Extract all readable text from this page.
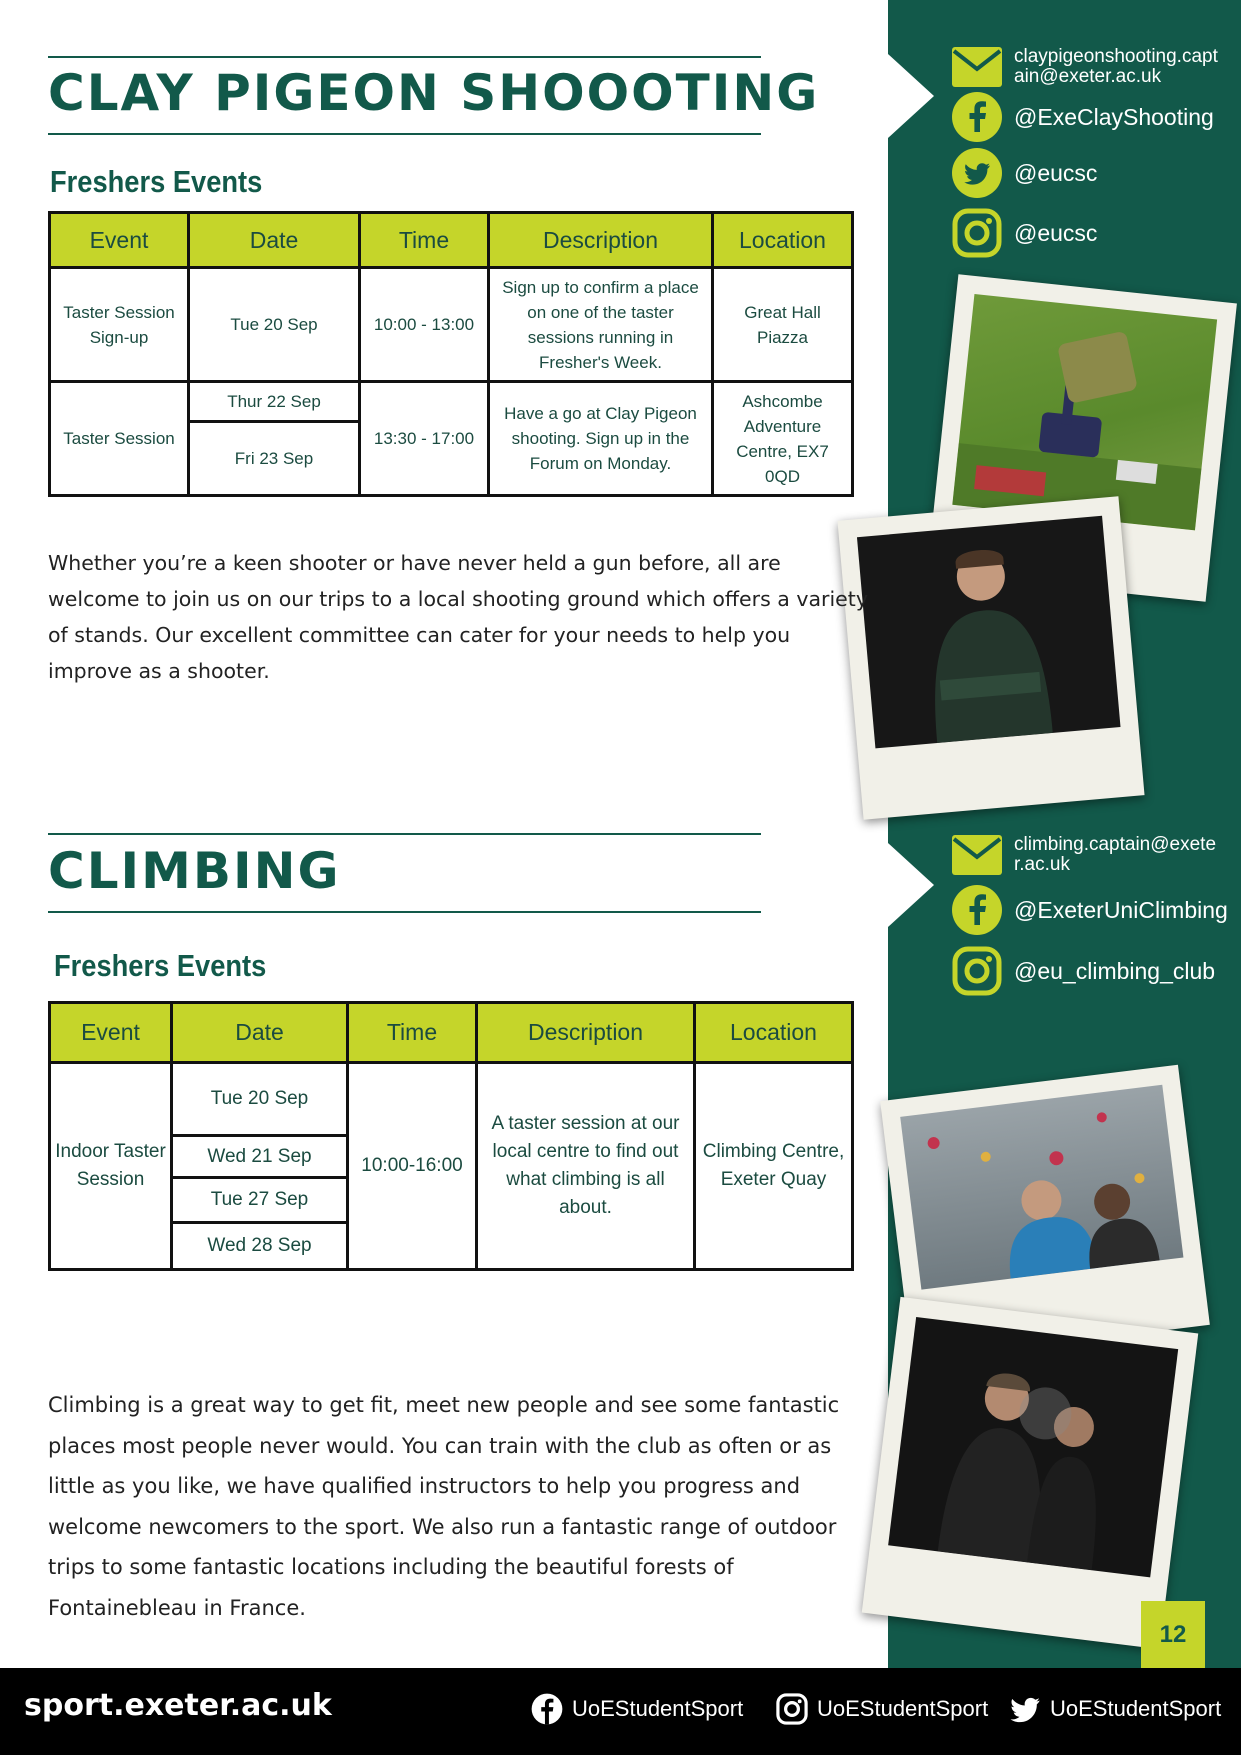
claypigeonshooting.captain@exeter.ac.uk
@ExeClayShooting
@eucsc
@eucsc
climbing.captain@exeter.ac.uk
@ExeterUniClimbing
@eu_climbing_club
CLAY PIGEON SHOOOTING
Freshers Events
Event	Date	Time	Description	Location
Taster Session Sign-up	Tue 20 Sep	10:00 - 13:00	Sign up to confirm a place on one of the taster sessions running in Fresher's Week.	Great Hall Piazza
Taster Session	Thur 22 Sep	13:30 - 17:00	Have a go at Clay Pigeon shooting. Sign up in the Forum on Monday.	Ashcombe Adventure Centre, EX7 0QD
	Fri 23 Sep			
Whether you’re a keen shooter or have never held a gun before, all are welcome to join us on our trips to a local shooting ground which offers a variety of stands. Our excellent committee can cater for your needs to help you improve as a shooter.
CLIMBING
Freshers Events
Event	Date	Time	Description	Location
Indoor Taster Session	Tue 20 Sep	10:00-16:00	A taster session at our local centre to find out what climbing is all about.	Climbing Centre, Exeter Quay
	Wed 21 Sep			
	Tue 27 Sep			
	Wed 28 Sep			
Climbing is a great way to get fit, meet new people and see some fantastic places most people never would. You can train with the club as often or as little as you like, we have qualified instructors to help you progress and welcome newcomers to the sport. We also run a fantastic range of outdoor trips to some fantastic locations including the beautiful forests of Fontainebleau in France.
12
sport.exeter.ac.uk	UoEStudentSport	UoEStudentSport	UoEStudentSport
